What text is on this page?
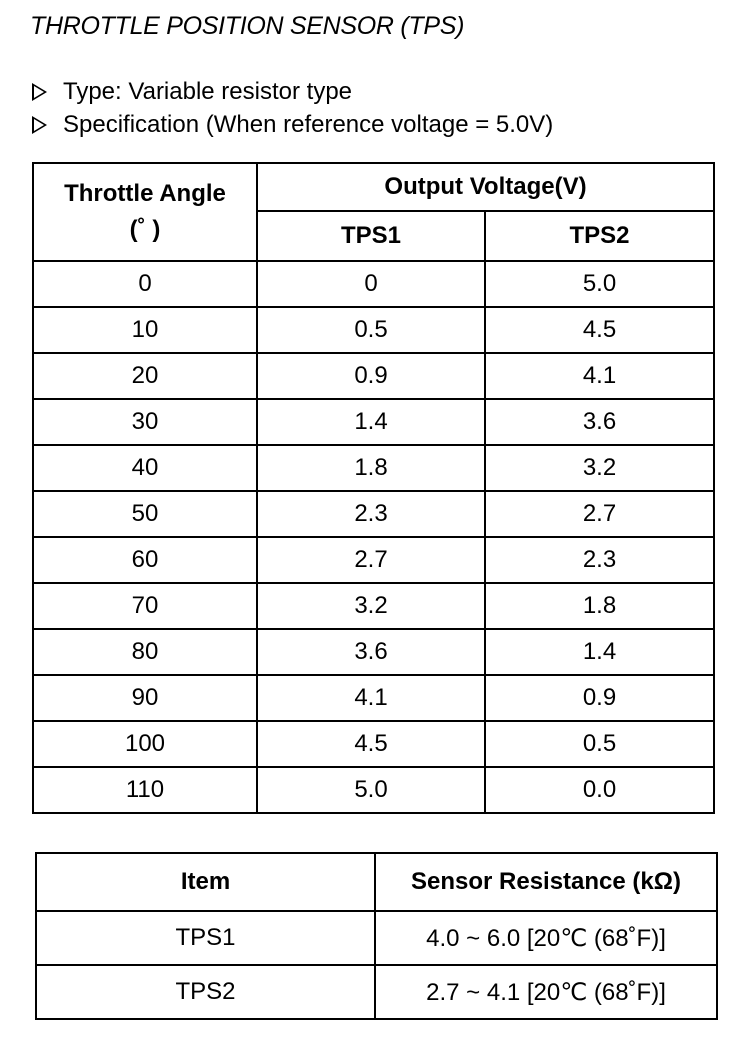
THROTTLE POSITION SENSOR (TPS)
Type: Variable resistor type
Specification (When reference voltage = 5.0V)
Throttle Angle
(˚ )	Output Voltage(V)	
	TPS1	TPS2
0	0	5.0
10	0.5	4.5
20	0.9	4.1
30	1.4	3.6
40	1.8	3.2
50	2.3	2.7
60	2.7	2.3
70	3.2	1.8
80	3.6	1.4
90	4.1	0.9
100	4.5	0.5
110	5.0	0.0
Item	Sensor Resistance (kΩ)
TPS1	4.0 ~ 6.0 [20℃ (68˚F)]
TPS2	2.7 ~ 4.1 [20℃ (68˚F)]
